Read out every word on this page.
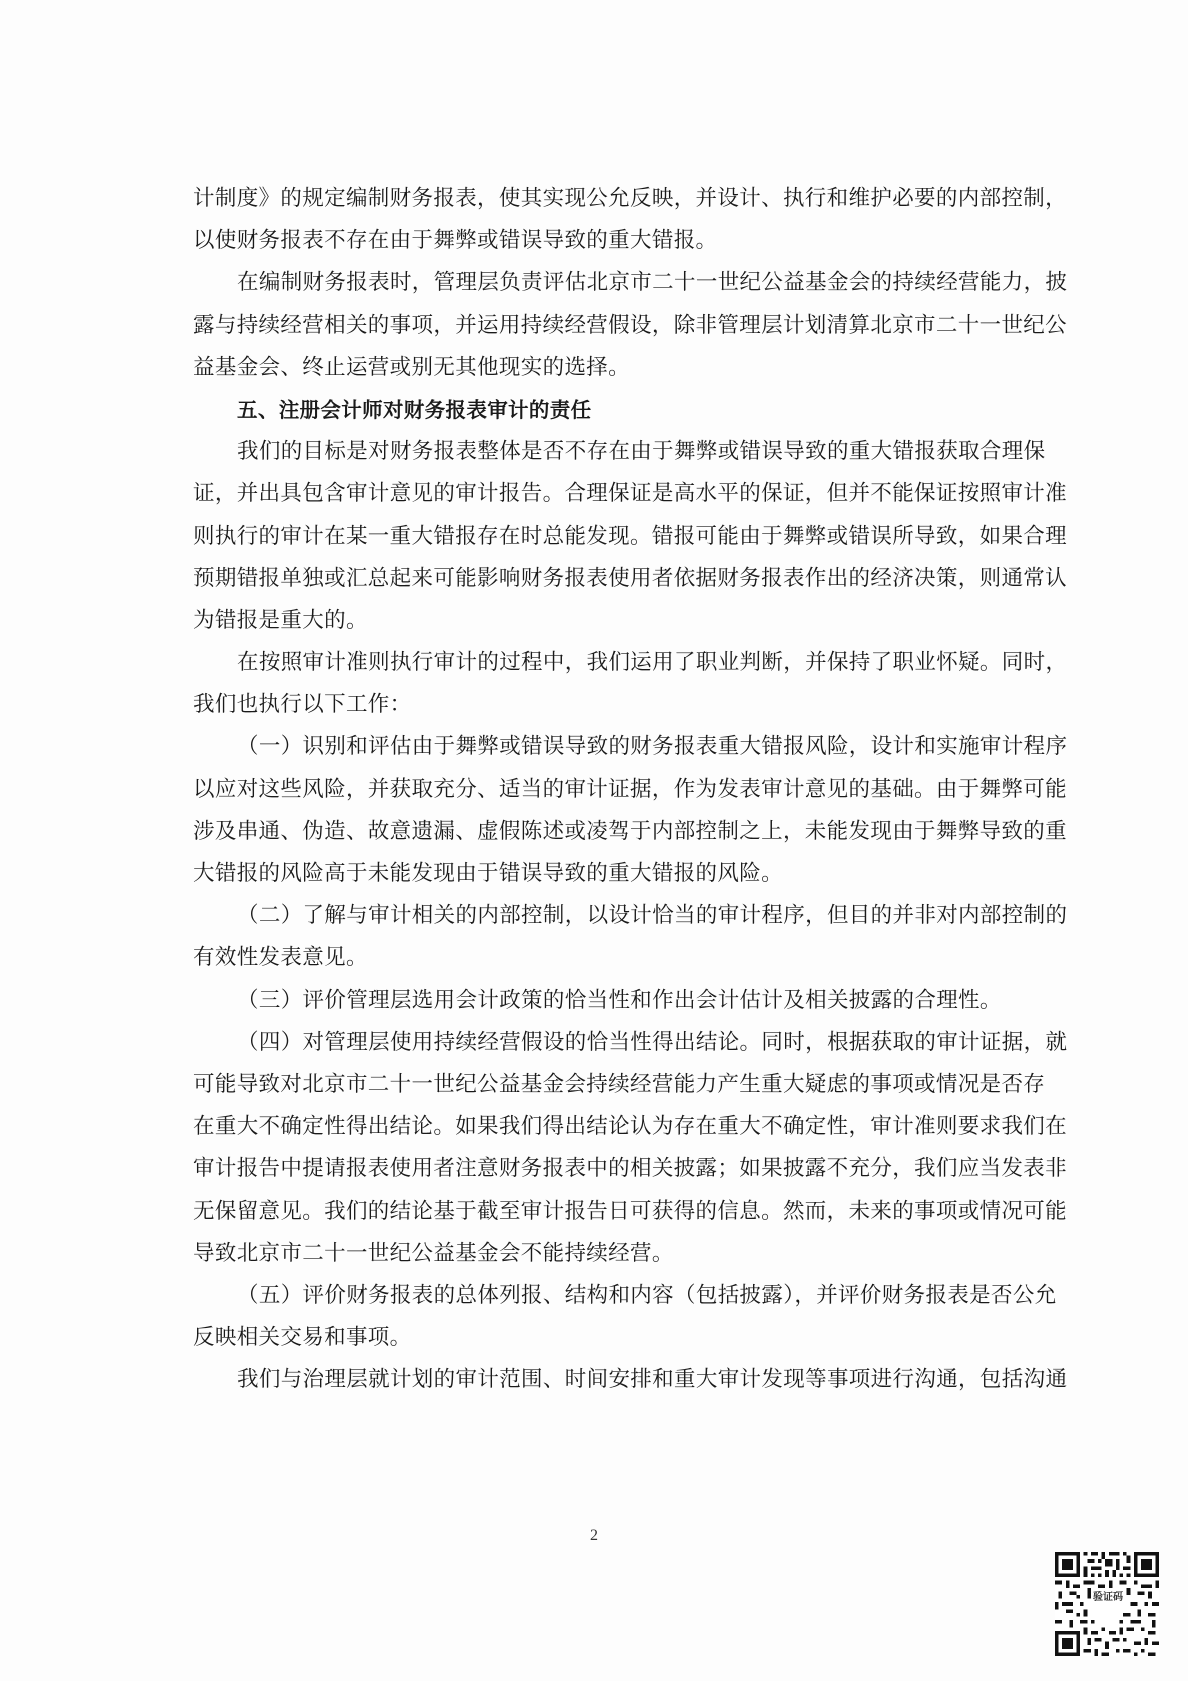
计制度》的规定编制财务报表，使其实现公允反映，并设计、执行和维护必要的内部控制，
以使财务报表不存在由于舞弊或错误导致的重大错报。
在编制财务报表时，管理层负责评估北京市二十一世纪公益基金会的持续经营能力，披
露与持续经营相关的事项，并运用持续经营假设，除非管理层计划清算北京市二十一世纪公
益基金会、终止运营或别无其他现实的选择。
五、注册会计师对财务报表审计的责任
我们的目标是对财务报表整体是否不存在由于舞弊或错误导致的重大错报获取合理保
证，并出具包含审计意见的审计报告。合理保证是高水平的保证，但并不能保证按照审计准
则执行的审计在某一重大错报存在时总能发现。错报可能由于舞弊或错误所导致，如果合理
预期错报单独或汇总起来可能影响财务报表使用者依据财务报表作出的经济决策，则通常认
为错报是重大的。
在按照审计准则执行审计的过程中，我们运用了职业判断，并保持了职业怀疑。同时，
我们也执行以下工作：
（一）识别和评估由于舞弊或错误导致的财务报表重大错报风险，设计和实施审计程序
以应对这些风险，并获取充分、适当的审计证据，作为发表审计意见的基础。由于舞弊可能
涉及串通、伪造、故意遗漏、虚假陈述或凌驾于内部控制之上，未能发现由于舞弊导致的重
大错报的风险高于未能发现由于错误导致的重大错报的风险。
（二）了解与审计相关的内部控制，以设计恰当的审计程序，但目的并非对内部控制的
有效性发表意见。
（三）评价管理层选用会计政策的恰当性和作出会计估计及相关披露的合理性。
（四）对管理层使用持续经营假设的恰当性得出结论。同时，根据获取的审计证据，就
可能导致对北京市二十一世纪公益基金会持续经营能力产生重大疑虑的事项或情况是否存
在重大不确定性得出结论。如果我们得出结论认为存在重大不确定性，审计准则要求我们在
审计报告中提请报表使用者注意财务报表中的相关披露；如果披露不充分，我们应当发表非
无保留意见。我们的结论基于截至审计报告日可获得的信息。然而，未来的事项或情况可能
导致北京市二十一世纪公益基金会不能持续经营。
（五）评价财务报表的总体列报、结构和内容（包括披露），并评价财务报表是否公允
反映相关交易和事项。
我们与治理层就计划的审计范围、时间安排和重大审计发现等事项进行沟通，包括沟通
2
验证码
